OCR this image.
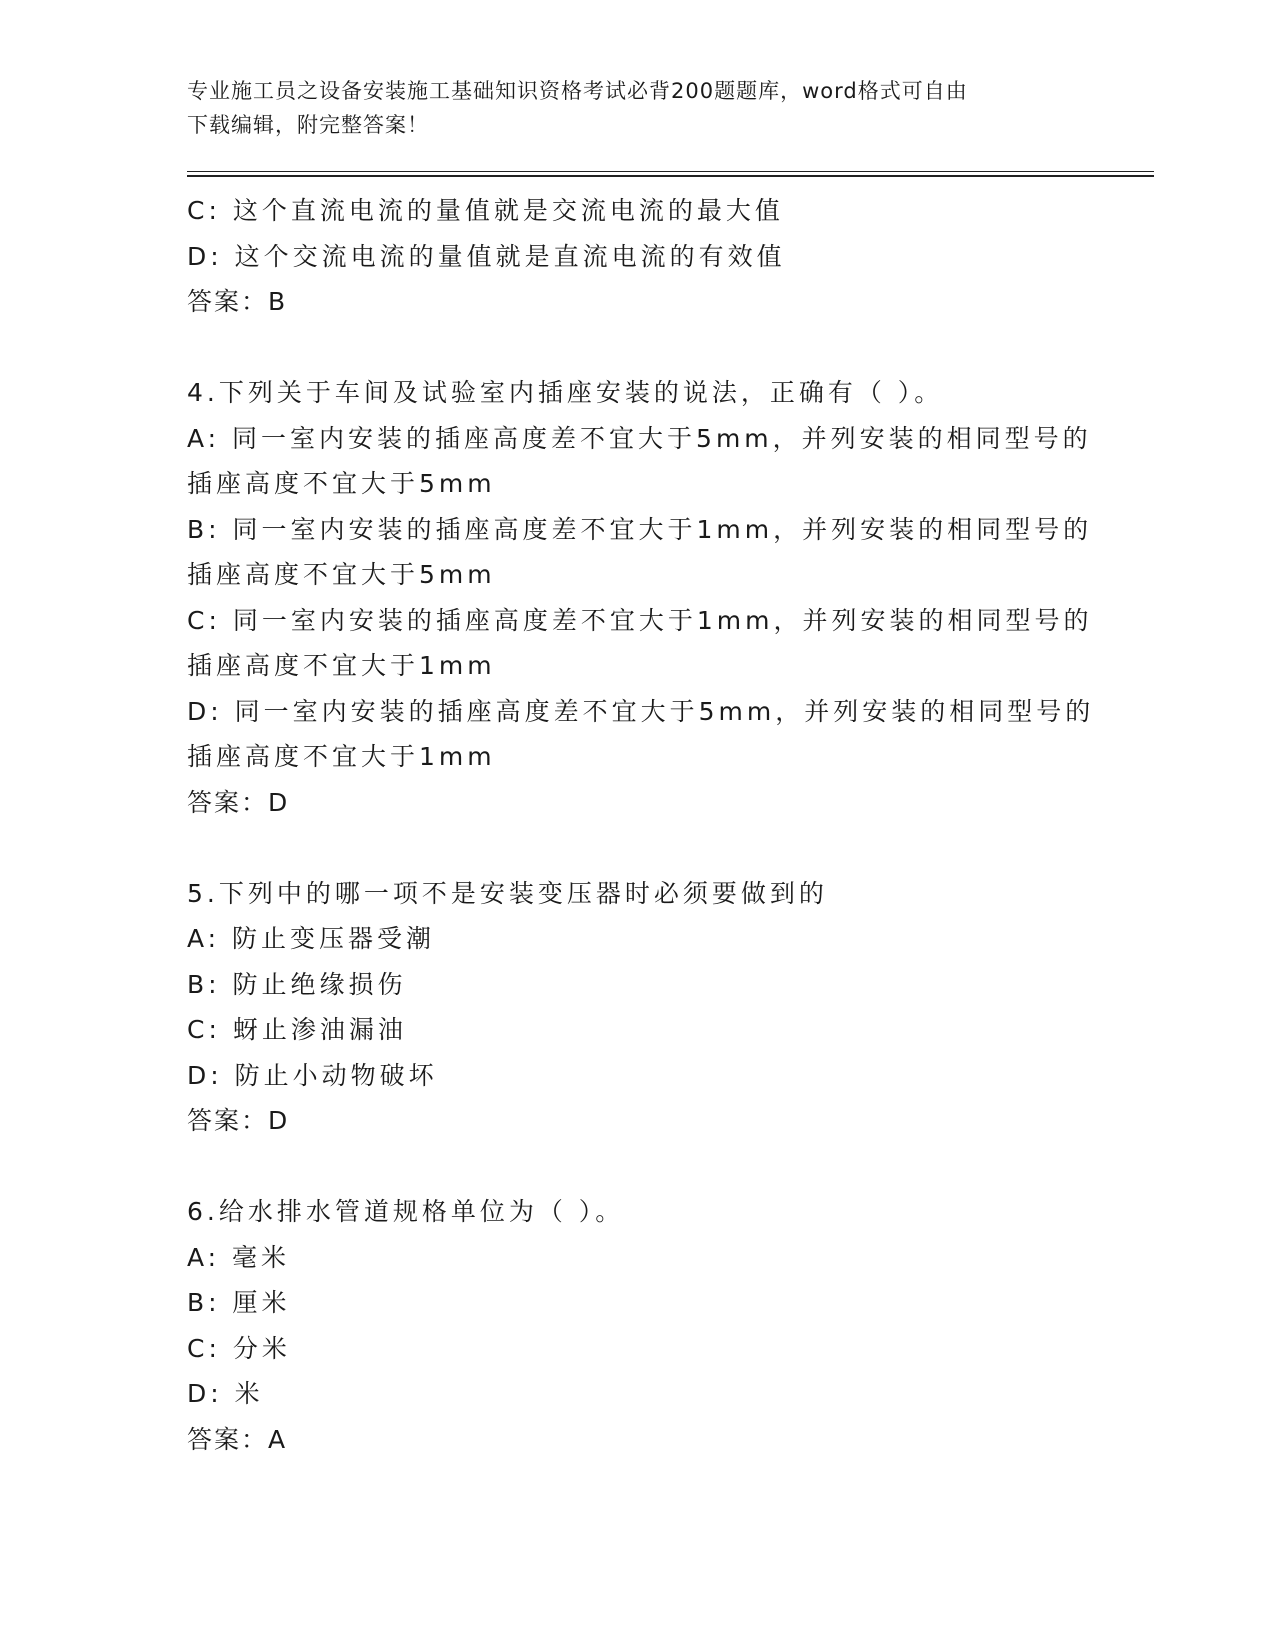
专业施工员之设备安装施工基础知识资格考试必背200题题库，word格式可自由
下载编辑，附完整答案！
C: 这个直流电流的量值就是交流电流的最大值
D: 这个交流电流的量值就是直流电流的有效值
答案：B
4.下列关于车间及试验室内插座安装的说法，正确有（ ）。
A: 同一室内安装的插座高度差不宜大于5mm，并列安装的相同型号的
插座高度不宜大于5mm
B: 同一室内安装的插座高度差不宜大于1mm，并列安装的相同型号的
插座高度不宜大于5mm
C: 同一室内安装的插座高度差不宜大于1mm，并列安装的相同型号的
插座高度不宜大于1mm
D: 同一室内安装的插座高度差不宜大于5mm，并列安装的相同型号的
插座高度不宜大于1mm
答案：D
5.下列中的哪一项不是安装变压器时必须要做到的
A: 防止变压器受潮
B: 防止绝缘损伤
C: 蚜止渗油漏油
D: 防止小动物破坏
答案：D
6.给水排水管道规格单位为（ ）。
A: 毫米
B: 厘米
C: 分米
D: 米
答案：A
